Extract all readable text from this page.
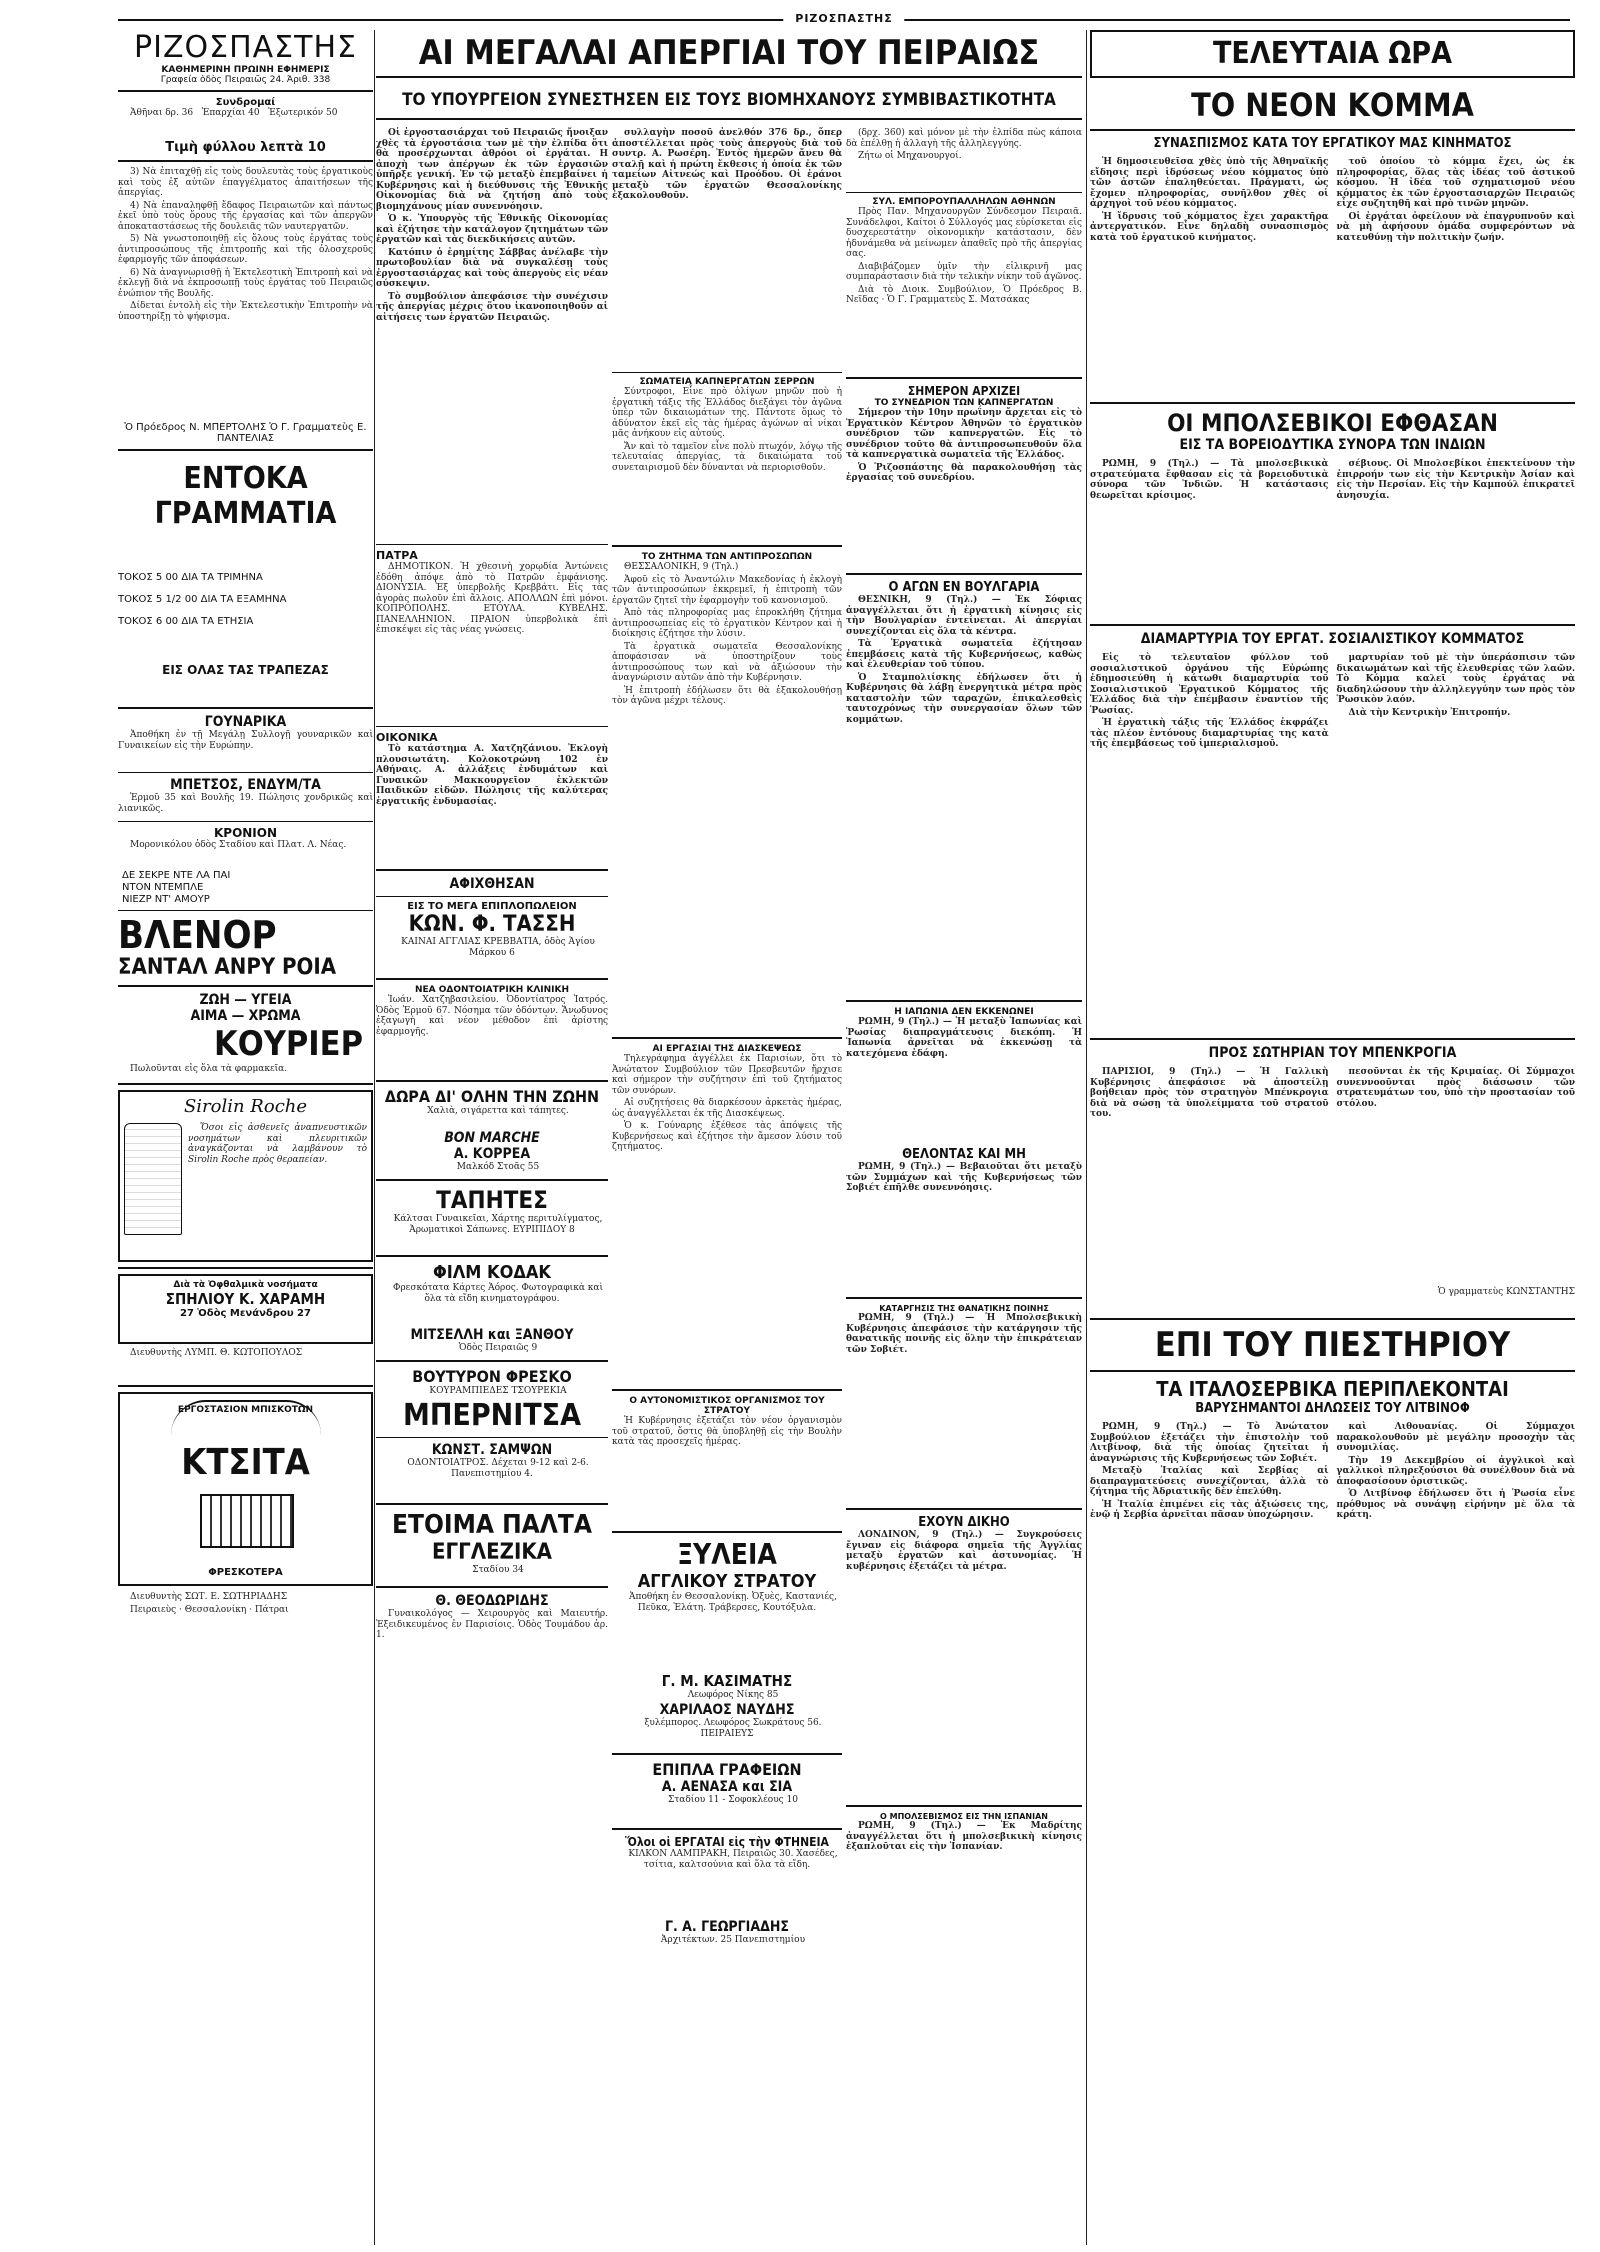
ΡΙΖΟΣΠΑΣΤΗΣ
ΡΙΖΟΣΠΑΣΤΗΣ
ΚΑΘΗΜΕΡΙΝΗ ΠΡΩΙΝΗ ΕΦΗΜΕΡΙΣ
Γραφεία ὁδὸς Πειραιῶς 24. Ἀριθ. 338
Συνδρομαί

Ἀθῆναι δρ. 36   Ἐπαρχίαι 40   Ἐξωτερικόν 50

Τιμὴ φύλλου λεπτὰ 10

3) Νὰ ἐπιταχθῇ εἰς τοὺς δουλευτὰς τοὺς ἐργατικοὺς καὶ τοὺς ἐξ αὐτῶν ἐπαγγέλματος ἀπαιτήσεων τῆς ἀπεργίας.

4) Νὰ ἐπαναληφθῇ ἔδαφος Πειραιωτῶν καὶ πάντως ἐκεῖ ὑπὸ τοὺς ὅρους τῆς ἐργασίας καὶ τῶν ἀπεργῶν ἀποκαταστάσεως τῆς δουλειᾶς τῶν ναυτεργατῶν.

5) Νὰ γνωστοποιηθῇ εἰς ὅλους τοὺς ἐργάτας τοὺς ἀντιπροσώπους τῆς ἐπιτροπῆς καὶ τῆς ὁλοσχεροῦς ἐφαρμογῆς τῶν ἀποφάσεων.

6) Νὰ ἀναγνωρισθῇ ἡ Ἐκτελεστικὴ Ἐπιτροπὴ καὶ νὰ ἐκλεγῇ διὰ νὰ ἐκπροσωπῇ τοὺς ἐργάτας τοῦ Πειραιῶς ἐνώπιον τῆς Βουλῆς.

Δίδεται ἐντολὴ εἰς τὴν Ἐκτελεστικὴν Ἐπιτροπὴν νὰ ὑποστηρίξῃ τὸ ψήφισμα.

Ὁ Πρόεδρος Ν. ΜΠΕΡΤΟΛΗΣ Ὁ Γ. Γραμματεὺς Ε. ΠΑΝΤΕΛΙΑΣ
ΕΝΤΟΚΑ ΓΡΑΜΜΑΤΙΑ
ΤΟΚΟΣ 5 00 ΔΙΑ ΤΑ ΤΡΙΜΗΝΑ
ΤΟΚΟΣ 5 1/2 00 ΔΙΑ ΤΑ ΕΞΑΜΗΝΑ
ΤΟΚΟΣ 6 00 ΔΙΑ ΤΑ ΕΤΗΣΙΑ
ΕΙΣ ΟΛΑΣ ΤΑΣ ΤΡΑΠΕΖΑΣ
ΓΟΥΝΑΡΙΚΑ

Ἀποθήκη ἐν τῇ Μεγάλῃ Συλλογῇ γουναρικῶν καὶ Γυναικείων εἰς τὴν Ευρώπην.

ΜΠΕΤΣΟΣ, ΕΝΔΥΜ/ΤΑ

Ἑρμοῦ 35 καὶ Βουλῆς 19. Πώλησις χονδρικῶς καὶ λιανικῶς.

ΚΡΟΝΙΟΝ

Μορονικόλου ὁδὸς Σταδίου καὶ Πλατ. Λ. Νέας.

ΔΕ ΣΕΚΡΕ ΝΤΕ ΛΑ ΠΑΙ
ΝΤΟΝ ΝΤΕΜΠΛΕ
ΝΙΕΖΡ ΝΤ' ΑΜΟΥΡ
ΒΛΕΝΟΡ
ΣΑΝΤΑΛ ΑΝΡΥ ΡΟΙΑ
ΖΩΗ — ΥΓΕΙΑ
ΑΙΜΑ — ΧΡΩΜΑ
ΚΟΥΡΙΕΡ

Πωλοῦνται εἰς ὅλα τὰ φαρμακεῖα.

Sirolin Roche

Ὅσοι εἰς ἀσθενεῖς ἀναπνευστικῶν νοσημάτων καὶ πλευριτικῶν ἀναγκάζονται νὰ λαμβάνουν τὸ Sirolin Roche πρὸς θεραπείαν.

Διὰ τὰ Ὀφθαλμικὰ νοσήματα
ΣΠΗΛΙΟΥ Κ. ΧΑΡΑΜΗ
27 Ὁδὸς Μενάνδρου 27

Διευθυντὴς ΛΥΜΠ. Θ. ΚΩΤΟΠΟΥΛΟΣ

ΕΡΓΟΣΤΑΣΙΟΝ ΜΠΙΣΚΟΤΩΝ
ΚΤΣΙΤΑ
ΦΡΕΣΚΟΤΕΡΑ

Διευθυντὴς ΣΩΤ. Ε. ΣΩΤΗΡΙΑΔΗΣ

Πειραιεὺς · Θεσσαλονίκη · Πάτραι

ΑΙ ΜΕΓΑΛΑΙ ΑΠΕΡΓΙΑΙ ΤΟΥ ΠΕΙΡΑΙΩΣ
ΤΟ ΥΠΟΥΡΓΕΙΟΝ ΣΥΝΕΣΤΗΣΕΝ ΕΙΣ ΤΟΥΣ ΒΙΟΜΗΧΑΝΟΥΣ ΣΥΜΒΙΒΑΣΤΙΚΟΤΗΤΑ

Οἱ ἐργοστασιάρχαι τοῦ Πειραιῶς ἤνοιξαν χθὲς τὰ ἐργοστάσια των μὲ τὴν ἐλπίδα ὅτι θὰ προσέρχωνται ἀθρόοι οἱ ἐργάται. Η ἀποχὴ των ἀπέργων ἐκ τῶν ἐργασιῶν ὑπῆρξε γενική. Ἐν τῷ μεταξὺ ἐπεμβαίνει ἡ Κυβέρνησις καὶ ἡ διεύθυνσις τῆς Ἐθνικῆς Οἰκονομίας διὰ νὰ ζητήσῃ ἀπὸ τοὺς βιομηχάνους μίαν συνεννόησιν.

Ὁ κ. Ὑπουργὸς τῆς Ἐθνικῆς Οἰκονομίας καὶ ἐζήτησε τὴν κατάλογον ζητημάτων τῶν ἐργατῶν καὶ τὰς διεκδικήσεις αὐτῶν.

Κατόπιν ὁ ἐρημίτης Σάββας ἀνέλαβε τὴν πρωτοβουλίαν διὰ νὰ συγκαλέσῃ τοὺς ἐργοστασιάρχας καὶ τοὺς ἀπεργοὺς εἰς νέαν σύσκεψιν.

Τὸ συμβούλιον ἀπεφάσισε τὴν συνέχισιν τῆς ἀπεργίας μέχρις ὅτου ἱκανοποιηθοῦν αἱ αἰτήσεις των ἐργατῶν Πειραιῶς.

συλλαγὴν ποσοῦ ἀνελθόν 376 δρ., ὅπερ ἀποστέλλεται πρὸς τοὺς ἀπεργοὺς διὰ τοῦ συντρ. Α. Ρωσέρη. Ἐντὸς ἡμερῶν ἄνευ θὰ σταλῇ καὶ ἡ πρώτη ἔκθεσις ἡ ὁποία ἐκ τῶν ταμείων Αἰτνεώς καὶ Προόδου. Οἱ ἐράνοι μεταξὺ τῶν ἐργατῶν Θεσσαλονίκης ἐξακολουθοῦν.

ΣΩΜΑΤΕΙΑ ΚΑΠΝΕΡΓΑΤΩΝ ΣΕΡΡΩΝ

Σύντροφοι, Εἶνε πρὸ ὀλίγων μηνῶν ποὺ ἡ ἐργατικὴ τάξις τῆς Ἑλλάδος διεξάγει τὸν ἀγῶνα ὑπὲρ τῶν δικαιωμάτων της. Πάντοτε ὅμως τὸ ἀδύνατον ἐκεῖ εἰς τὰς ἡμέρας ἀγώνων αἱ νίκαι μᾶς ἀνήκουν εἰς αὐτούς.

Ἄν καὶ τὸ ταμεῖον εἶνε πολὺ πτωχόν, λόγῳ τῆς τελευταίας ἀπεργίας, τὰ δικαιώματα τοῦ συνεταιρισμοῦ δὲν δύνανται νὰ περιορισθοῦν.

(δρχ. 360) καὶ μόνον μὲ τὴν ἐλπίδα πὼς κάποια δὰ ἐπέλθῃ ἡ ἀλλαγὴ τῆς ἀλληλεγγύης.

Ζήτω οἱ Μηχανουργοί.

ΣΥΛ. ΕΜΠΟΡΟΥΠΑΛΛΗΛΩΝ ΑΘΗΝΩΝ

Πρὸς Παν. Μηχανουργῶν Σύνδεσμον Πειραιᾶ. Συνάδελφοι, Καίτοι ὁ Σύλλογός μας εὑρίσκεται εἰς δυσχερεστάτην οἰκονομικὴν κατάστασιν, δὲν ἠδυνάμεθα νὰ μείνωμεν ἀπαθεῖς πρὸ τῆς ἀπεργίας σας.

Διαβιβάζομεν ὑμῖν τὴν εἰλικρινῆ μας συμπαράστασιν διὰ τὴν τελικὴν νίκην τοῦ ἀγῶνος.

Διὰ τὸ Διοικ. Συμβούλιον, Ὁ Πρόεδρος Β. Νεῖδας · Ὁ Γ. Γραμματεὺς Σ. Ματσάκας

ΠΑΤΡΑ

ΔΗΜΟΤΙΚΟΝ. Ἡ χθεσινὴ χορῳδία Ἀντώνεις ἐδόθη ἀπόψε ἀπὸ τὸ Πατρῶν ἐμφάνισης. ΔΙΟΝΥΣΙΑ. Ἐξ ὑπερβολῆς Κρεββάτι. Εἰς τὰς ἀγορὰς πωλοῦν ἐπὶ ἄλλοις. ΑΠΟΛΛΩΝ ἐπὶ μόνοι. ΚΟΠΡΟΠΟΛΗΣ. ΕΤΟΥΛΑ. ΚΥΒΕΛΗΣ. ΠΑΝΕΛΛΗΝΙΟΝ. ΠΡΑΙΟΝ ὑπερβολικὰ ἐπὶ ἐπισκέψει εἰς τὰς νέας γνώσεις.

ΟΙΚΟΝΙΚΑ

Τὸ κατάστημα Α. Χατζηζάνιου. Ἐκλογὴ πλουσιωτάτη. Κολοκοτρώνη 102 ἐν Αθήναις. Α. ἀλλάξεις ἐνδυμάτων καὶ Γυναικῶν Μακκουργεῖον ἐκλεκτῶν Παιδικῶν εἰδῶν. Πώλησις τῆς καλύτερας ἐργατικῆς ἐνδυμασίας.

ΑΦΙΧΘΗΣΑΝ
ΕΙΣ ΤΟ ΜΕΓΑ ΕΠΙΠΛΟΠΩΛΕΙΟΝ
ΚΩΝ. Φ. ΤΑΣΣΗ

ΚΑΙΝΑΙ ΑΓΓΛΙΑΣ ΚΡΕΒΒΑΤΙΑ, ὁδὸς Ἁγίου Μάρκου 6

ΝΕΑ ΟΔΟΝΤΟΙΑΤΡΙΚΗ ΚΛΙΝΙΚΗ

Ἰωάν. Χατζηβασιλείου. Ὀδοντίατρος Ἰατρός. Ὀδὸς Ἑρμοῦ 67. Νόσημα τῶν ὀδόντων. Ἄνωδυνος ἐξαγωγὴ καὶ νέον μέθοδον ἐπὶ ἀρίστης ἐφαρμογῆς.

ΔΩΡΑ ΔΙ' ΟΛΗΝ ΤΗΝ ΖΩΗΝ

Χαλιὰ, σιγάρεττα καὶ τάπητες.

BON MARCHE
Α. ΚΟΡΡΕΑ

Μαλκόδ Στοᾶς 55

ΤΑΠΗΤΕΣ

Κάλτσαι Γυναικεῖαι, Χάρτης περιτυλίγματος, Ἀρωματικοὶ Σάπωνες. ΕΥΡΙΠΙΔΟΥ 8

ΦΙΛΜ ΚΟΔΑΚ

Φρεσκότατα Κάρτες Ἀόρος. Φωτογραφικὰ καὶ ὅλα τὰ εἴδη κινηματογράφου.

ΜΙΤΣΕΛΛΗ και ΞΑΝΘΟΥ

Ὁδὸς Πειραιῶς 9

ΒΟΥΤΥΡΟΝ ΦΡΕΣΚΟ

ΚΟΥΡΑΜΠΙΕΔΕΣ ΤΣΟΥΡΕΚΙΑ

ΜΠΕΡΝΙΤΣΑ
ΚΩΝΣΤ. ΣΑΜΨΩΝ

ΟΔΟΝΤΟΙΑΤΡΟΣ. Δέχεται 9-12 καὶ 2-6. Πανεπιστημίου 4.

ΕΤΟΙΜΑ ΠΑΛΤΑ
ΕΓΓΛΕΖΙΚΑ

Σταδίου 34

Θ. ΘΕΟΔΩΡΙΔΗΣ

Γυναικολόγος — Χειρουργὸς καὶ Μαιευτήρ. Ἐξειδικευμένος ἐν Παρισίοις. Ὁδὸς Τουμάδου ἀρ. 1.

ΤΟ ΖΗΤΗΜΑ ΤΩΝ ΑΝΤΙΠΡΟΣΩΠΩΝ

ΘΕΣΣΑΛΟΝΙΚΗ, 9 (Τηλ.)

Ἀφοῦ εἰς τὸ Ἀναντώλιν Μακεδονίας ἡ ἐκλογὴ τῶν ἀντιπροσώπων ἐκκρεμεῖ, ἡ ἐπιτροπὴ τῶν ἐργατῶν ζητεῖ τὴν ἐφαρμογὴν τοῦ κανονισμοῦ.

Ἀπὸ τὰς πληροφορίας μας ἐπροκλήθη ζήτημα ἀντιπροσωπείας εἰς τὸ ἐργατικὸν Κέντρον καὶ ἡ διοίκησις ἐζήτησε τὴν λύσιν.

Τὰ ἐργατικὰ σωματεῖα Θεσσαλονίκης ἀποφάσισαν νὰ ὑποστηρίξουν τοὺς ἀντιπροσώπους των καὶ νὰ ἀξιώσουν τὴν ἀναγνώρισιν αὐτῶν ἀπὸ τὴν Κυβέρνησιν.

Ἡ ἐπιτροπὴ ἐδήλωσεν ὅτι θὰ ἐξακολουθήσῃ τὸν ἀγῶνα μέχρι τέλους.

ΑΙ ΕΡΓΑΣΙΑΙ ΤΗΣ ΔΙΑΣΚΕΨΕΩΣ

Τηλεγράφημα ἀγγέλλει ἐκ Παρισίων, ὅτι τὸ Ἀνώτατον Συμβούλιον τῶν Πρεσβευτῶν ἤρχισε καὶ σήμερον τὴν συζήτησιν ἐπὶ τοῦ ζητήματος τῶν συνόρων.

Αἱ συζητήσεις θὰ διαρκέσουν ἀρκετὰς ἡμέρας, ὡς ἀναγγέλλεται ἐκ τῆς Διασκέψεως.

Ὁ κ. Γούναρης ἐξέθεσε τὰς ἀπόψεις τῆς Κυβερνήσεως καὶ ἐζήτησε τὴν ἄμεσον λύσιν τοῦ ζητήματος.

Ο ΑΥΤΟΝΟΜΙΣΤΙΚΟΣ ΟΡΓΑΝΙΣΜΟΣ ΤΟΥ ΣΤΡΑΤΟΥ

Ἡ Κυβέρνησις ἐξετάζει τὸν νέον ὀργανισμὸν τοῦ στρατοῦ, ὅστις θὰ ὑποβληθῇ εἰς τὴν Βουλὴν κατὰ τὰς προσεχεῖς ἡμέρας.

ΞΥΛΕΙΑ
ΑΓΓΛΙΚΟΥ ΣΤΡΑΤΟΥ

Ἀποθήκη ἐν Θεσσαλονίκῃ. Ὀξυὲς, Καστανιές, Πεῦκα, Ἐλάτη. Τράβερσες, Κουτόξυλα.

Γ. Μ. ΚΑΣΙΜΑΤΗΣ

Λεωφόρος Νίκης 85

ΧΑΡΙΛΑΟΣ ΝΑΥΔΗΣ

ξυλέμπορος. Λεωφόρος Σωκράτους 56. ΠΕΙΡΑΙΕΥΣ

ΕΠΙΠΛΑ ΓΡΑΦΕΙΩΝ
Α. ΑΕΝΑΣΑ και ΣΙΑ

Σταδίου 11 - Σοφοκλέους 10

Ὅλοι οἱ ΕΡΓΑΤΑΙ εἰς τὴν ΦΤΗΝΕΙΑ

ΚΙΛΚΟΝ ΛΑΜΠΡΑΚΗ, Πειραιῶς 30. Χασέδες, τσίτια, καλτσούνια καὶ ὅλα τὰ εἴδη.

Γ. Α. ΓΕΩΡΓΙΑΔΗΣ

Ἀρχιτέκτων. 25 Πανεπιστημίου

ΣΗΜΕΡΟΝ ΑΡΧΙΖΕΙ
ΤΟ ΣΥΝΕΔΡΙΟΝ ΤΩΝ ΚΑΠΝΕΡΓΑΤΩΝ

Σήμερον τὴν 10ην πρωΐνην ἄρχεται εἰς τὸ Ἐργατικὸν Κέντρον Ἀθηνῶν τὸ ἐργατικὸν συνέδριον τῶν καπνεργατῶν. Εἰς τὸ συνέδριον τοῦτο θὰ ἀντιπροσωπευθοῦν ὅλα τὰ καπνεργατικὰ σωματεῖα τῆς Ἑλλάδος.

Ὁ Ῥιζοσπάστης θὰ παρακολουθήσῃ τὰς ἐργασίας τοῦ συνεδρίου.

Ο ΑΓΩΝ ΕΝ ΒΟΥΛΓΑΡΙΑ

ΘΕΣΝΙΚΗ, 9 (Τηλ.) — Ἐκ Σόφιας ἀναγγέλλεται ὅτι ἡ ἐργατικὴ κίνησις εἰς τὴν Βουλγαρίαν ἐντείνεται. Αἱ ἀπεργίαι συνεχίζονται εἰς ὅλα τὰ κέντρα.

Τὰ Ἐργατικὰ σωματεῖα ἐζήτησαν ἐπεμβάσεις κατὰ τῆς Κυβερνήσεως, καθὼς καὶ ἐλευθερίαν τοῦ τύπου.

Ὁ Σταμπολιίσκης ἐδήλωσεν ὅτι ἡ Κυβέρνησις θὰ λάβῃ ἐνεργητικὰ μέτρα πρὸς καταστολὴν τῶν ταραχῶν, ἐπικαλεσθεὶς ταυτοχρόνως τὴν συνεργασίαν ὅλων τῶν κομμάτων.

Η ΙΑΠΩΝΙΑ ΔΕΝ ΕΚΚΕΝΩΝΕΙ

ΡΩΜΗ, 9 (Τηλ.) — Ἡ μεταξὺ Ἰαπωνίας καὶ Ῥωσίας διαπραγμάτευσις διεκόπη. Ἡ Ἰαπωνία ἀρνεῖται νὰ ἐκκενώσῃ τὰ κατεχόμενα ἐδάφη.

ΘΕΛΟΝΤΑΣ ΚΑΙ ΜΗ

ΡΩΜΗ, 9 (Τηλ.) — Βεβαιοῦται ὅτι μεταξὺ τῶν Συμμάχων καὶ τῆς Κυβερνήσεως τῶν Σοβιέτ ἐπῆλθε συνεννόησις.

ΚΑΤΑΡΓΗΣΙΣ ΤΗΣ ΘΑΝΑΤΙΚΗΣ ΠΟΙΝΗΣ

ΡΩΜΗ, 9 (Τηλ.) — Ἡ Μπολσεβικικὴ Κυβέρνησις ἀπεφάσισε τὴν κατάργησιν τῆς θανατικῆς ποινῆς εἰς ὅλην τὴν ἐπικράτειαν τῶν Σοβιέτ.

ΕΧΟΥΝ ΔΙΚΗΟ

ΛΟΝΔΙΝΟΝ, 9 (Τηλ.) — Συγκρούσεις ἔγιναν εἰς διάφορα σημεῖα τῆς Ἀγγλίας μεταξὺ ἐργατῶν καὶ ἀστυνομίας. Ἡ κυβέρνησις ἐξετάζει τὰ μέτρα.

Ο ΜΠΟΛΣΕΒΙΣΜΟΣ ΕΙΣ ΤΗΝ ΙΣΠΑΝΙΑΝ

ΡΩΜΗ, 9 (Τηλ.) — Ἐκ Μαδρίτης ἀναγγέλλεται ὅτι ἡ μπολσεβικικὴ κίνησις ἐξαπλοῦται εἰς τὴν Ἰσπανίαν.

ΤΕΛΕΥΤΑΙΑ ΩΡΑ
ΤΟ ΝΕΟΝ ΚΟΜΜΑ
ΣΥΝΑΣΠΙΣΜΟΣ ΚΑΤΑ ΤΟΥ ΕΡΓΑΤΙΚΟΥ ΜΑΣ ΚΙΝΗΜΑΤΟΣ

Ἡ δημοσιευθεῖσα χθὲς ὑπὸ τῆς Ἀθηναϊκῆς εἴδησις περὶ ἱδρύσεως νέου κόμματος ὑπὸ τῶν ἀστῶν ἐπαληθεύεται. Πράγματι, ὡς ἔχομεν πληροφορίας, συνῆλθον χθὲς οἱ ἀρχηγοὶ τοῦ νέου κόμματος.

Ἡ ἵδρυσις τοῦ κόμματος ἔχει χαρακτῆρα ἀντεργατικόν. Εἶνε δηλαδὴ συνασπισμὸς κατὰ τοῦ ἐργατικοῦ κινήματος.

τοῦ ὁποίου τὸ κόμμα ἔχει, ὡς ἐκ πληροφορίας, ὅλας τὰς ἰδέας τοῦ ἀστικοῦ κόσμου. Ἡ ἰδέα τοῦ σχηματισμοῦ νέου κόμματος ἐκ τῶν ἐργοστασιαρχῶν Πειραιῶς εἶχε συζητηθῆ καὶ πρὸ τινῶν μηνῶν.

Οἱ ἐργάται ὀφείλουν νὰ ἐπαγρυπνοῦν καὶ νὰ μὴ ἀφήσουν ὁμάδα συμφερόντων νὰ κατευθύνῃ τὴν πολιτικὴν ζωήν.

ΟΙ ΜΠΟΛΣΕΒΙΚΟΙ ΕΦΘΑΣΑΝ
ΕΙΣ ΤΑ ΒΟΡΕΙΟΔΥΤΙΚΑ ΣΥΝΟΡΑ ΤΩΝ ΙΝΔΙΩΝ

ΡΩΜΗ, 9 (Τηλ.) — Τὰ μπολσεβικικὰ στρατεύματα ἔφθασαν εἰς τὰ βορειοδυτικὰ σύνορα τῶν Ἰνδιῶν. Ἡ κατάστασις θεωρεῖται κρίσιμος.

σέβιους. Οἱ Μπολσεβίκοι ἐπεκτείνουν τὴν ἐπιρροήν των εἰς τὴν Κεντρικὴν Ἀσίαν καὶ εἰς τὴν Περσίαν. Εἰς τὴν Καμπούλ ἐπικρατεῖ ἀνησυχία.

ΔΙΑΜΑΡΤΥΡΙΑ ΤΟΥ ΕΡΓΑΤ. ΣΟΣΙΑΛΙΣΤΙΚΟΥ ΚΟΜΜΑΤΟΣ

Εἰς τὸ τελευταῖον φύλλον τοῦ σοσιαλιστικοῦ ὀργάνου τῆς Εὐρώπης ἐδημοσιεύθη ἡ κάτωθι διαμαρτυρία τοῦ Σοσιαλιστικοῦ Ἐργατικοῦ Κόμματος τῆς Ἑλλάδος διὰ τὴν ἐπέμβασιν ἐναντίον τῆς Ῥωσίας.

Ἡ ἐργατικὴ τάξις τῆς Ἑλλάδος ἐκφράζει τὰς πλέον ἐντόνους διαμαρτυρίας της κατὰ τῆς ἐπεμβάσεως τοῦ ἱμπεριαλισμοῦ.

μαρτυρίαν τοῦ μὲ τὴν ὑπεράσπισιν τῶν δικαιωμάτων καὶ τῆς ἐλευθερίας τῶν λαῶν. Τὸ Κόμμα καλεῖ τοὺς ἐργάτας νὰ διαδηλώσουν τὴν ἀλληλεγγύην των πρὸς τὸν Ῥωσικὸν λαόν.

Διὰ τὴν Κεντρικὴν Ἐπιτροπήν.

ΠΡΟΣ ΣΩΤΗΡΙΑΝ ΤΟΥ ΜΠΕΝΚΡΟΓΙΑ

ΠΑΡΙΣΙΟΙ, 9 (Τηλ.) — Ἡ Γαλλικὴ Κυβέρνησις ἀπεφάσισε νὰ ἀποστείλῃ βοήθειαν πρὸς τὸν στρατηγὸν Μπένκρογια διὰ νὰ σώσῃ τὰ ὑπολείμματα τοῦ στρατοῦ του.

πεσοῦνται ἐκ τῆς Κριμαίας. Οἱ Σύμμαχοι συνεννοοῦνται πρὸς διάσωσιν τῶν στρατευμάτων του, ὑπὸ τὴν προστασίαν τοῦ στόλου.

Ὁ γραμματεὺς ΚΩΝΣΤΑΝΤΗΣ

ΕΠΙ ΤΟΥ ΠΙΕΣΤΗΡΙΟΥ
ΤΑ ΙΤΑΛΟΣΕΡΒΙΚΑ ΠΕΡΙΠΛΕΚΟΝΤΑΙ
ΒΑΡΥΣΗΜΑΝΤΟΙ ΔΗΛΩΣΕΙΣ ΤΟΥ ΛΙΤΒΙΝΟΦ

ΡΩΜΗ, 9 (Τηλ.) — Τὸ Ἀνώτατον Συμβούλιον ἐξετάζει τὴν ἐπιστολὴν τοῦ Λιτβίνοφ, διὰ τῆς ὁποίας ζητεῖται ἡ ἀναγνώρισις τῆς Κυβερνήσεως τῶν Σοβιέτ.

Μεταξὺ Ἰταλίας καὶ Σερβίας αἱ διαπραγματεύσεις συνεχίζονται, ἀλλὰ τὸ ζήτημα τῆς Ἀδριατικῆς δὲν ἐπελύθη.

Ἡ Ἰταλία ἐπιμένει εἰς τὰς ἀξιώσεις της, ἐνῷ ἡ Σερβία ἀρνεῖται πᾶσαν ὑποχώρησιν.

καὶ Λιθουανίας. Οἱ Σύμμαχοι παρακολουθοῦν μὲ μεγάλην προσοχὴν τὰς συνομιλίας.

Τὴν 19 Δεκεμβρίου οἱ ἀγγλικοὶ καὶ γαλλικοὶ πληρεξούσιοι θὰ συνέλθουν διὰ νὰ ἀποφασίσουν ὁριστικῶς.

Ὁ Λιτβίνοφ ἐδήλωσεν ὅτι ἡ Ῥωσία εἶνε πρόθυμος νὰ συνάψῃ εἰρήνην μὲ ὅλα τὰ κράτη.
